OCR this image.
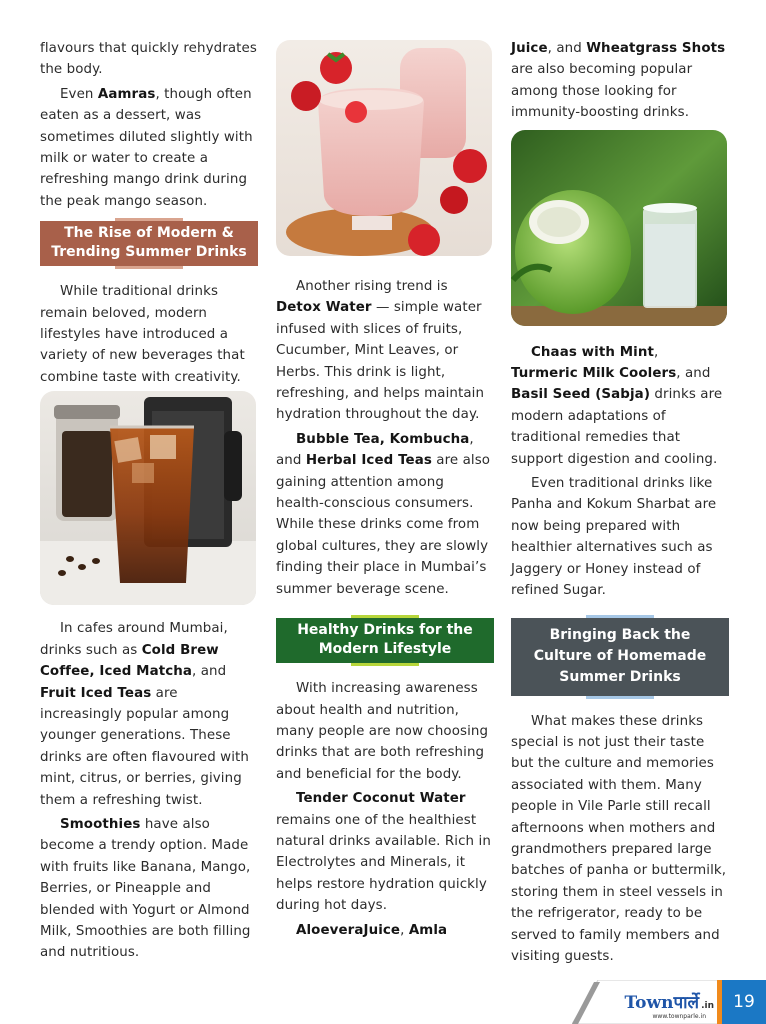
flavours that quickly rehydrates the body.

Even Aamras, though often eaten as a dessert, was sometimes diluted slightly with milk or water to create a refreshing mango drink during the peak mango season.

The Rise of Modern & Trending Summer Drinks

While traditional drinks remain beloved, modern lifestyles have introduced a variety of new beverages that combine taste with creativity.

In cafes around Mumbai, drinks such as Cold Brew Coffee, Iced Matcha, and Fruit Iced Teas are increasingly popular among younger generations. These drinks are often flavoured with mint, citrus, or berries, giving them a refreshing twist.

Smoothies have also become a trendy option. Made with fruits like Banana, Mango, Berries, or Pineapple and blended with Yogurt or Almond Milk, Smoothies are both filling and nutritious.

Another rising trend is Detox Water — simple water infused with slices of fruits, Cucumber, Mint Leaves, or Herbs. This drink is light, refreshing, and helps maintain hydration throughout the day.

Bubble Tea, Kombucha, and Herbal Iced Teas are also gaining attention among health-conscious consumers. While these drinks come from global cultures, they are slowly finding their place in Mumbai’s summer beverage scene.

Healthy Drinks for the Modern Lifestyle

With increasing awareness about health and nutrition, many people are now choosing drinks that are both refreshing and beneficial for the body.

Tender Coconut Water remains one of the healthiest natural drinks available. Rich in Electrolytes and Minerals, it helps restore hydration quickly during hot days.

AloeveraJuice, Amla

Juice, and Wheatgrass Shots are also becoming popular among those looking for immunity-boosting drinks.

Chaas with Mint, Turmeric Milk Coolers, and Basil Seed (Sabja) drinks are modern adaptations of traditional remedies that support digestion and cooling.

Even traditional drinks like Panha and Kokum Sharbat are now being prepared with healthier alternatives such as Jaggery or Honey instead of refined Sugar.

Bringing Back the Culture of Homemade Summer Drinks

What makes these drinks special is not just their taste but the culture and memories associated with them. Many people in Vile Parle still recall afternoons when mothers and grandmothers prepared large batches of panha or buttermilk, storing them in steel vessels in the refrigerator, ready to be served to family members and visiting guests.

Townपार्ले .in
www.townparle.in
19
